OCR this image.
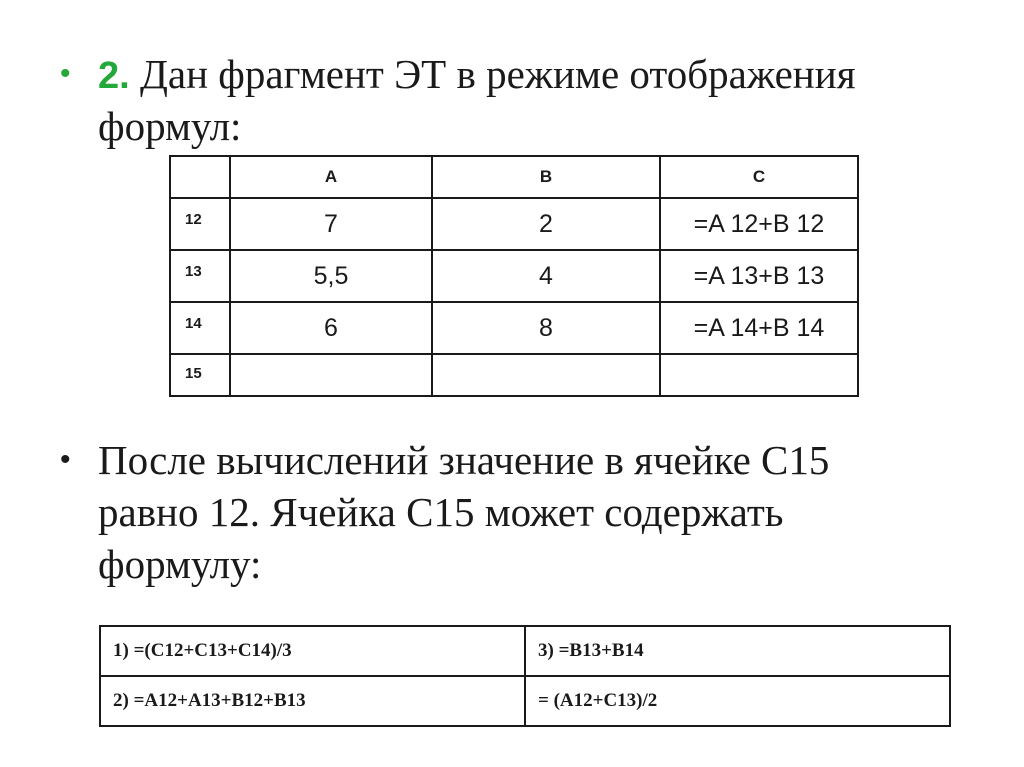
• 2. Дан фрагмент ЭТ в режиме отображения
формул:
	A	B	C
12	7	2	=A 12+B 12
13	5,5	4	=A 13+B 13
14	6	8	=A 14+B 14
15			
• После вычислений значение в ячейке С15
равно 12. Ячейка С15 может содержать
формулу:
1) =(C12+C13+C14)/3	3) =B13+B14
2) =A12+A13+B12+B13	= (A12+C13)/2
